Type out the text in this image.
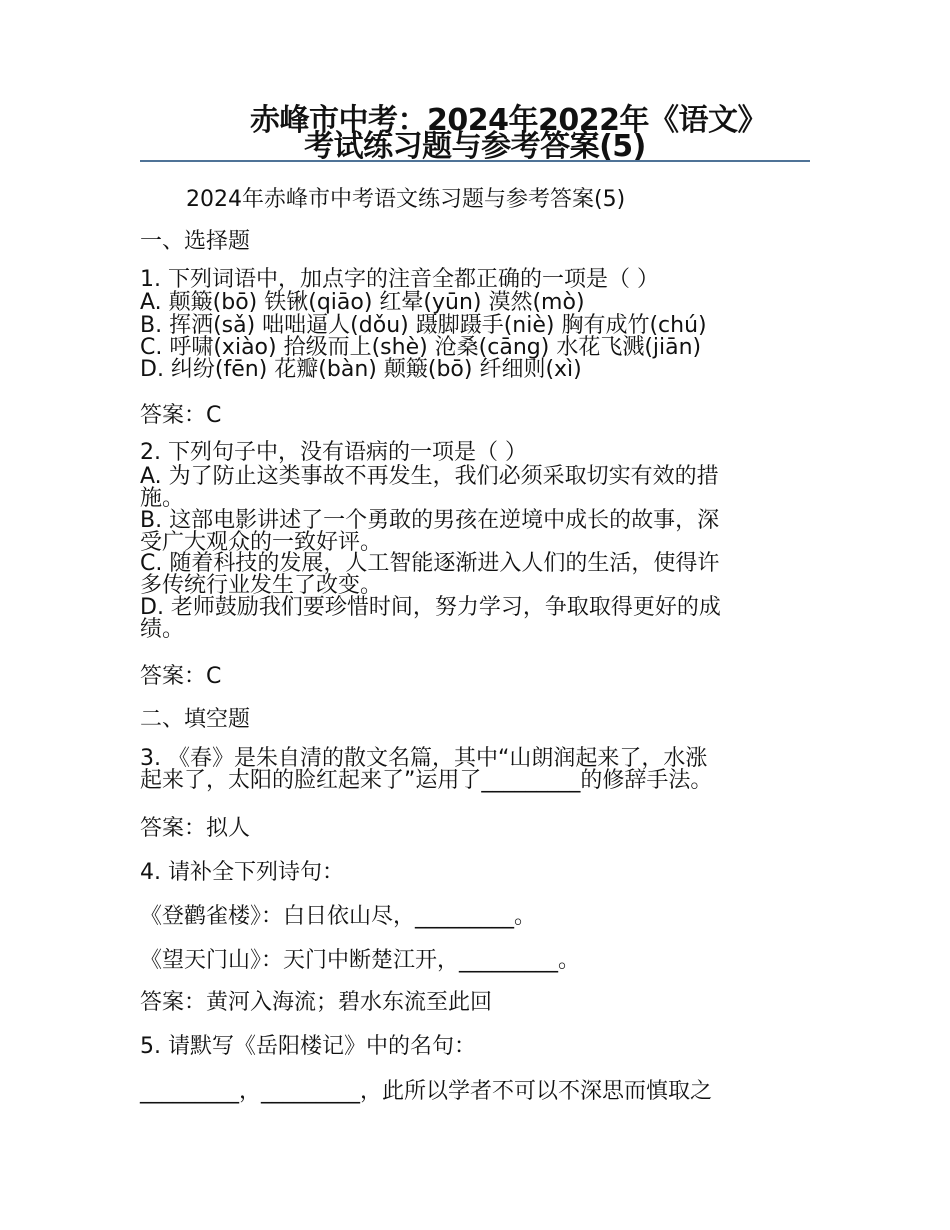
赤峰市中考：2024年2022年《语文》
考试练习题与参考答案(5)
2024年赤峰市中考语文练习题与参考答案(5)
一、选择题
1. 下列词语中，加点字的注音全都正确的一项是（ ）
A. 颠簸(bō) 铁锹(qiāo) 红晕(yūn) 漠然(mò)
B. 挥洒(sǎ) 咄咄逼人(dǒu) 蹑脚蹑手(niè) 胸有成竹(chú)
C. 呼啸(xiào) 拾级而上(shè) 沧桑(cāng) 水花飞溅(jiān)
D. 纠纷(fēn) 花瓣(bàn) 颠簸(bō) 纤细则(xì)
答案：C
2. 下列句子中，没有语病的一项是（ ）
A. 为了防止这类事故不再发生，我们必须采取切实有效的措
施。
B. 这部电影讲述了一个勇敢的男孩在逆境中成长的故事，深
受广大观众的一致好评。
C. 随着科技的发展，人工智能逐渐进入人们的生活，使得许
多传统行业发生了改变。
D. 老师鼓励我们要珍惜时间，努力学习，争取取得更好的成
绩。
答案：C
二、填空题
3. 《春》是朱自清的散文名篇，其中“山朗润起来了，水涨
起来了，太阳的脸红起来了”运用了_________的修辞手法。
答案：拟人
4. 请补全下列诗句：
《登鹳雀楼》：白日依山尽，_________。
《望天门山》：天门中断楚江开，_________。
答案：黄河入海流；碧水东流至此回
5. 请默写《岳阳楼记》中的名句：
_________，_________，此所以学者不可以不深思而慎取之
